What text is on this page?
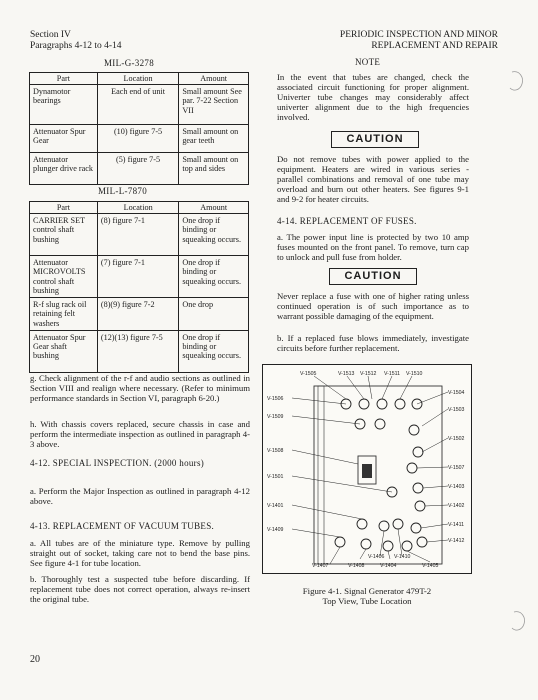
Section IV
Paragraphs 4-12 to 4-14
PERIODIC INSPECTION AND MINOR
REPLACEMENT AND REPAIR
MIL-G-3278
Part	Location	Amount
Dynamotor bearings	Each end of unit	Small amount See par. 7-22 Section VII
Attenuator Spur Gear	(10) figure 7-5	Small amount on gear teeth
Attenuator plunger drive rack	(5) figure 7-5	Small amount on top and sides
MIL-L-7870
Part	Location	Amount
CARRIER SET control shaft bushing	(8) figure 7-1	One drop if binding or squeaking occurs.
Attenuator MICROVOLTS control shaft bushing	(7) figure 7-1	One drop if binding or squeaking occurs.
R-f slug rack oil retaining felt washers	(8)(9) figure 7-2	One drop
Attenuator Spur Gear shaft bushing	(12)(13) figure 7-5	One drop if binding or squeaking occurs.
g. Check alignment of the r-f and audio sections as outlined in Section VIII and realign where necessary. (Refer to minimum performance standards in Section VI, paragraph 6-20.)
h. With chassis covers replaced, secure chassis in case and perform the intermediate inspection as outlined in paragraph 4-3 above.
4-12. SPECIAL INSPECTION. (2000 hours)
a. Perform the Major Inspection as outlined in paragraph 4-12 above.
4-13. REPLACEMENT OF VACUUM TUBES.
a. All tubes are of the miniature type. Remove by pulling straight out of socket, taking care not to bend the base pins. See figure 4-1 for tube location.
b. Thoroughly test a suspected tube before discarding. If replacement tube does not correct operation, always re-insert the original tube.
NOTE
In the event that tubes are changed, check the associated circuit functioning for proper alignment. Univerter tube changes may considerably affect univerter alignment due to the high frequencies involved.
CAUTION
Do not remove tubes with power applied to the equipment. Heaters are wired in various series - parallel combinations and removal of one tube may overload and burn out other heaters. See figures 9-1 and 9-2 for heater circuits.
4-14. REPLACEMENT OF FUSES.
a. The power input line is protected by two 10 amp fuses mounted on the front panel. To remove, turn cap to unlock and pull fuse from holder.
CAUTION
Never replace a fuse with one of higher rating unless continued operation is of such importance as to warrant possible damaging of the equipment.
b. If a replaced fuse blows immediately, investigate circuits before further replacement.
V-1505	V-1513 V-1512 V-1511 V-1510
V-1504
V-1506
V-1503
V-1509
V-1502
V-1508
V-1507
V-1501
V-1403
V-1401	V-1402
V-1409
V-1411
V-1412
V-1406 V-1410
V-1407	V-1408	V-1404	V-1405
Figure 4-1. Signal Generator 479T-2
Top View, Tube Location
20
